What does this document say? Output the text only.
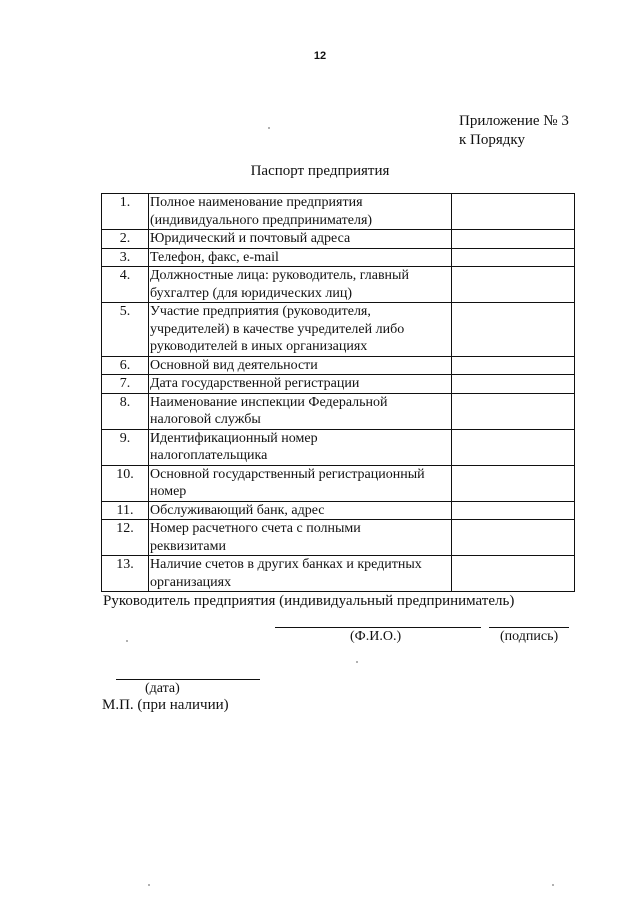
12
Приложение № 3
к Порядку
Паспорт предприятия
1.	Полное наименование предприятия
(индивидуального предпринимателя)	

2.	Юридический и почтовый адреса	

3.	Телефон, факс, e-mail	

4.	Должностные лица: руководитель, главный
бухгалтер (для юридических лиц)	

5.	Участие предприятия (руководителя,
учредителей) в качестве учредителей либо
руководителей в иных организациях	

6.	Основной вид деятельности	

7.	Дата государственной регистрации	

8.	Наименование инспекции Федеральной
налоговой службы	

9.	Идентификационный номер
налогоплательщика	

10.	Основной государственный регистрационный
номер	

11.	Обслуживающий банк, адрес	

12.	Номер расчетного счета с полными
реквизитами	

13.	Наличие счетов в других банках и кредитных
организациях	

Руководитель предприятия (индивидуальный предприниматель)
(Ф.И.О.)	(подпись)
(дата)
М.П. (при наличии)
